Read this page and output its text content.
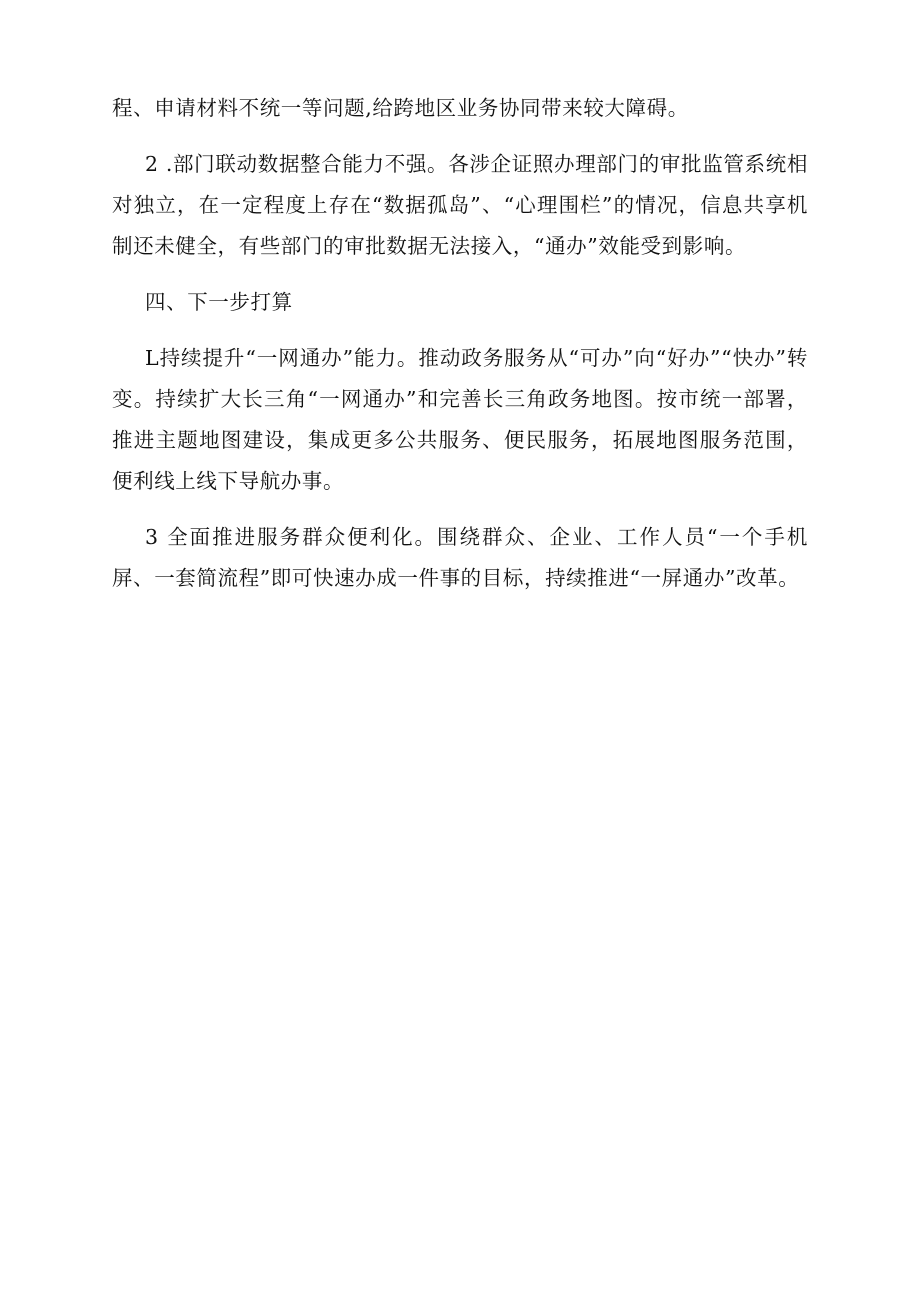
程、申请材料不统一等问题,给跨地区业务协同带来较大障碍。

2 .部门联动数据整合能力不强。各涉企证照办理部门的审批监管系统相对独立，在一定程度上存在“数据孤岛”、“心理围栏”的情况，信息共享机制还未健全，有些部门的审批数据无法接入，“通办”效能受到影响。

四、下一步打算

L持续提升“一网通办”能力。推动政务服务从“可办”向“好办”“快办”转变。持续扩大长三角“一网通办”和完善长三角政务地图。按市统一部署，推进主题地图建设，集成更多公共服务、便民服务，拓展地图服务范围，便利线上线下导航办事。

3 全面推进服务群众便利化。围绕群众、企业、工作人员“一个手机屏、一套简流程”即可快速办成一件事的目标，持续推进“一屏通办”改革。
